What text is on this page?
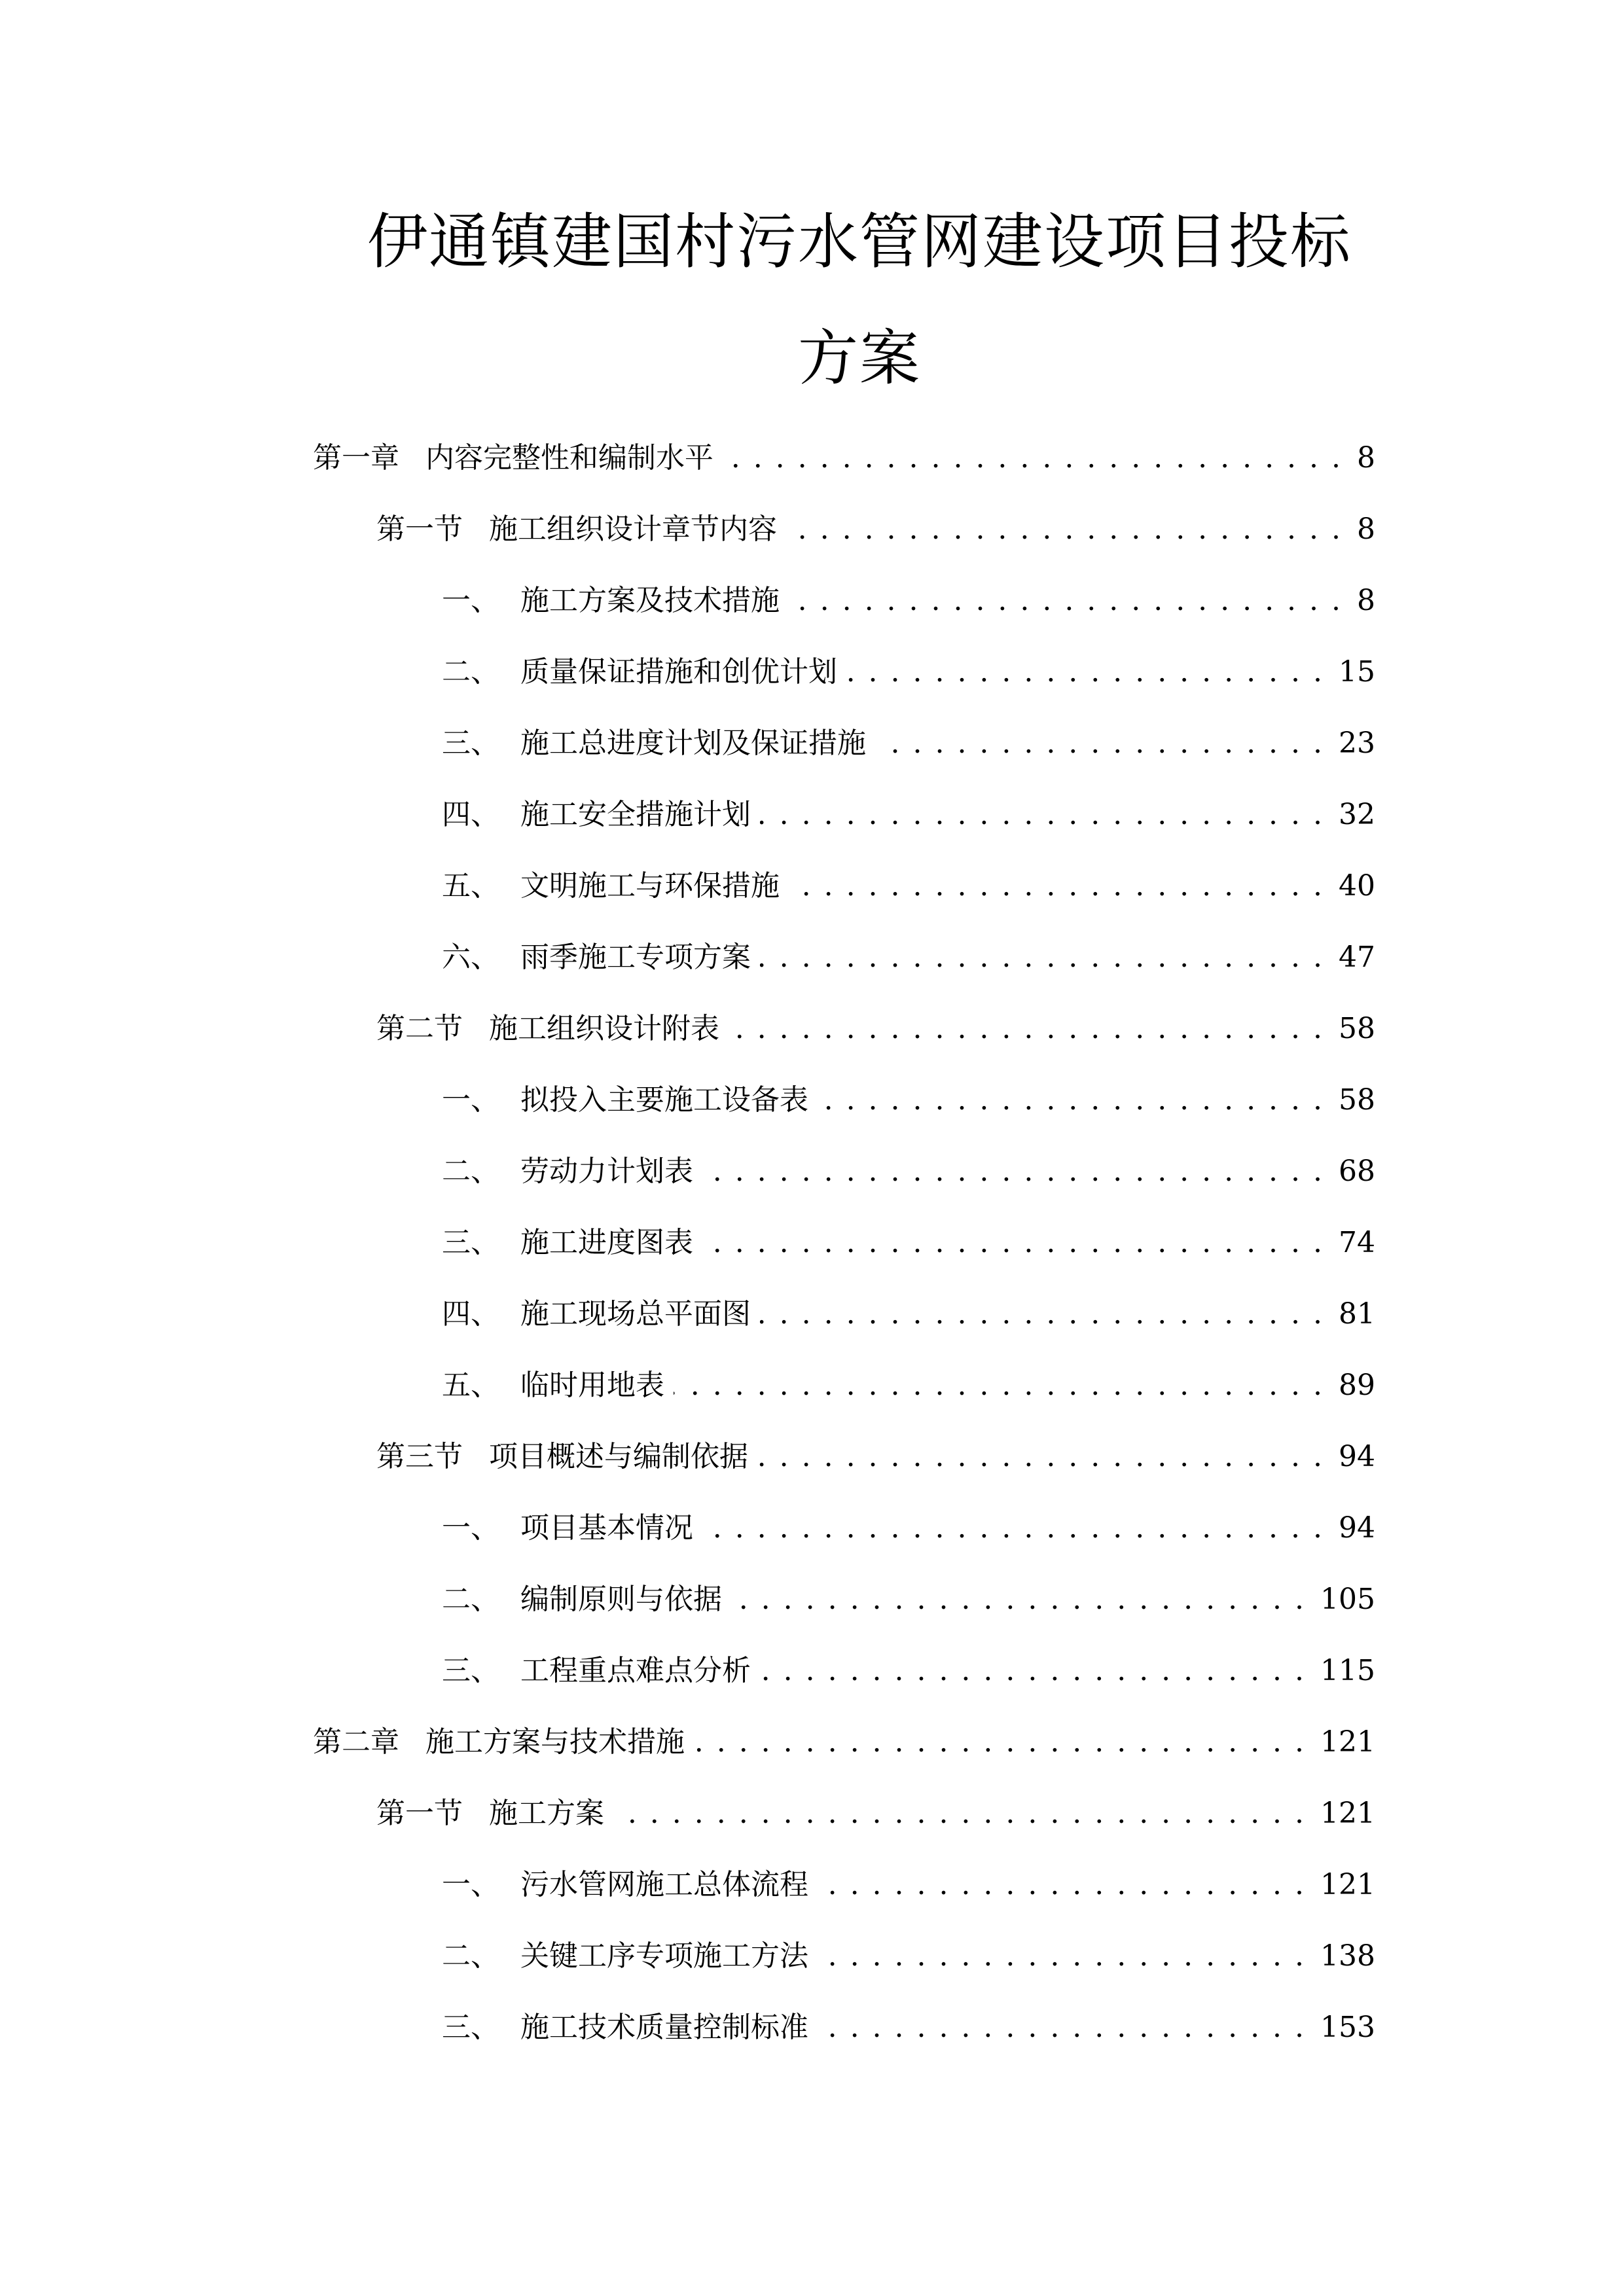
伊通镇建国村污水管网建设项目投标
方案
第一章 内容完整性和编制水平 . . .	8
第一节 施工组织设计章节内容 . . .	8
一、 施工方案及技术措施 . . .	8
二、 质量保证措施和创优计划 . . .	15
三、 施工总进度计划及保证措施 . . .	23
四、 施工安全措施计划 . . .	32
五、 文明施工与环保措施 . . .	40
六、 雨季施工专项方案 . . .	47
第二节 施工组织设计附表 . . .	58
一、 拟投入主要施工设备表 . . .	58
二、 劳动力计划表 . . .	68
三、 施工进度图表 . . .	74
四、 施工现场总平面图 . . .	81
五、 临时用地表 . . .	89
第三节 项目概述与编制依据 . . .	94
一、 项目基本情况 . . .	94
二、 编制原则与依据 . . .	105
三、 工程重点难点分析 . . .	115
第二章 施工方案与技术措施 . . .	121
第一节 施工方案 . . .	121
一、 污水管网施工总体流程 . . .	121
二、 关键工序专项施工方法 . . .	138
三、 施工技术质量控制标准 . . .	153
